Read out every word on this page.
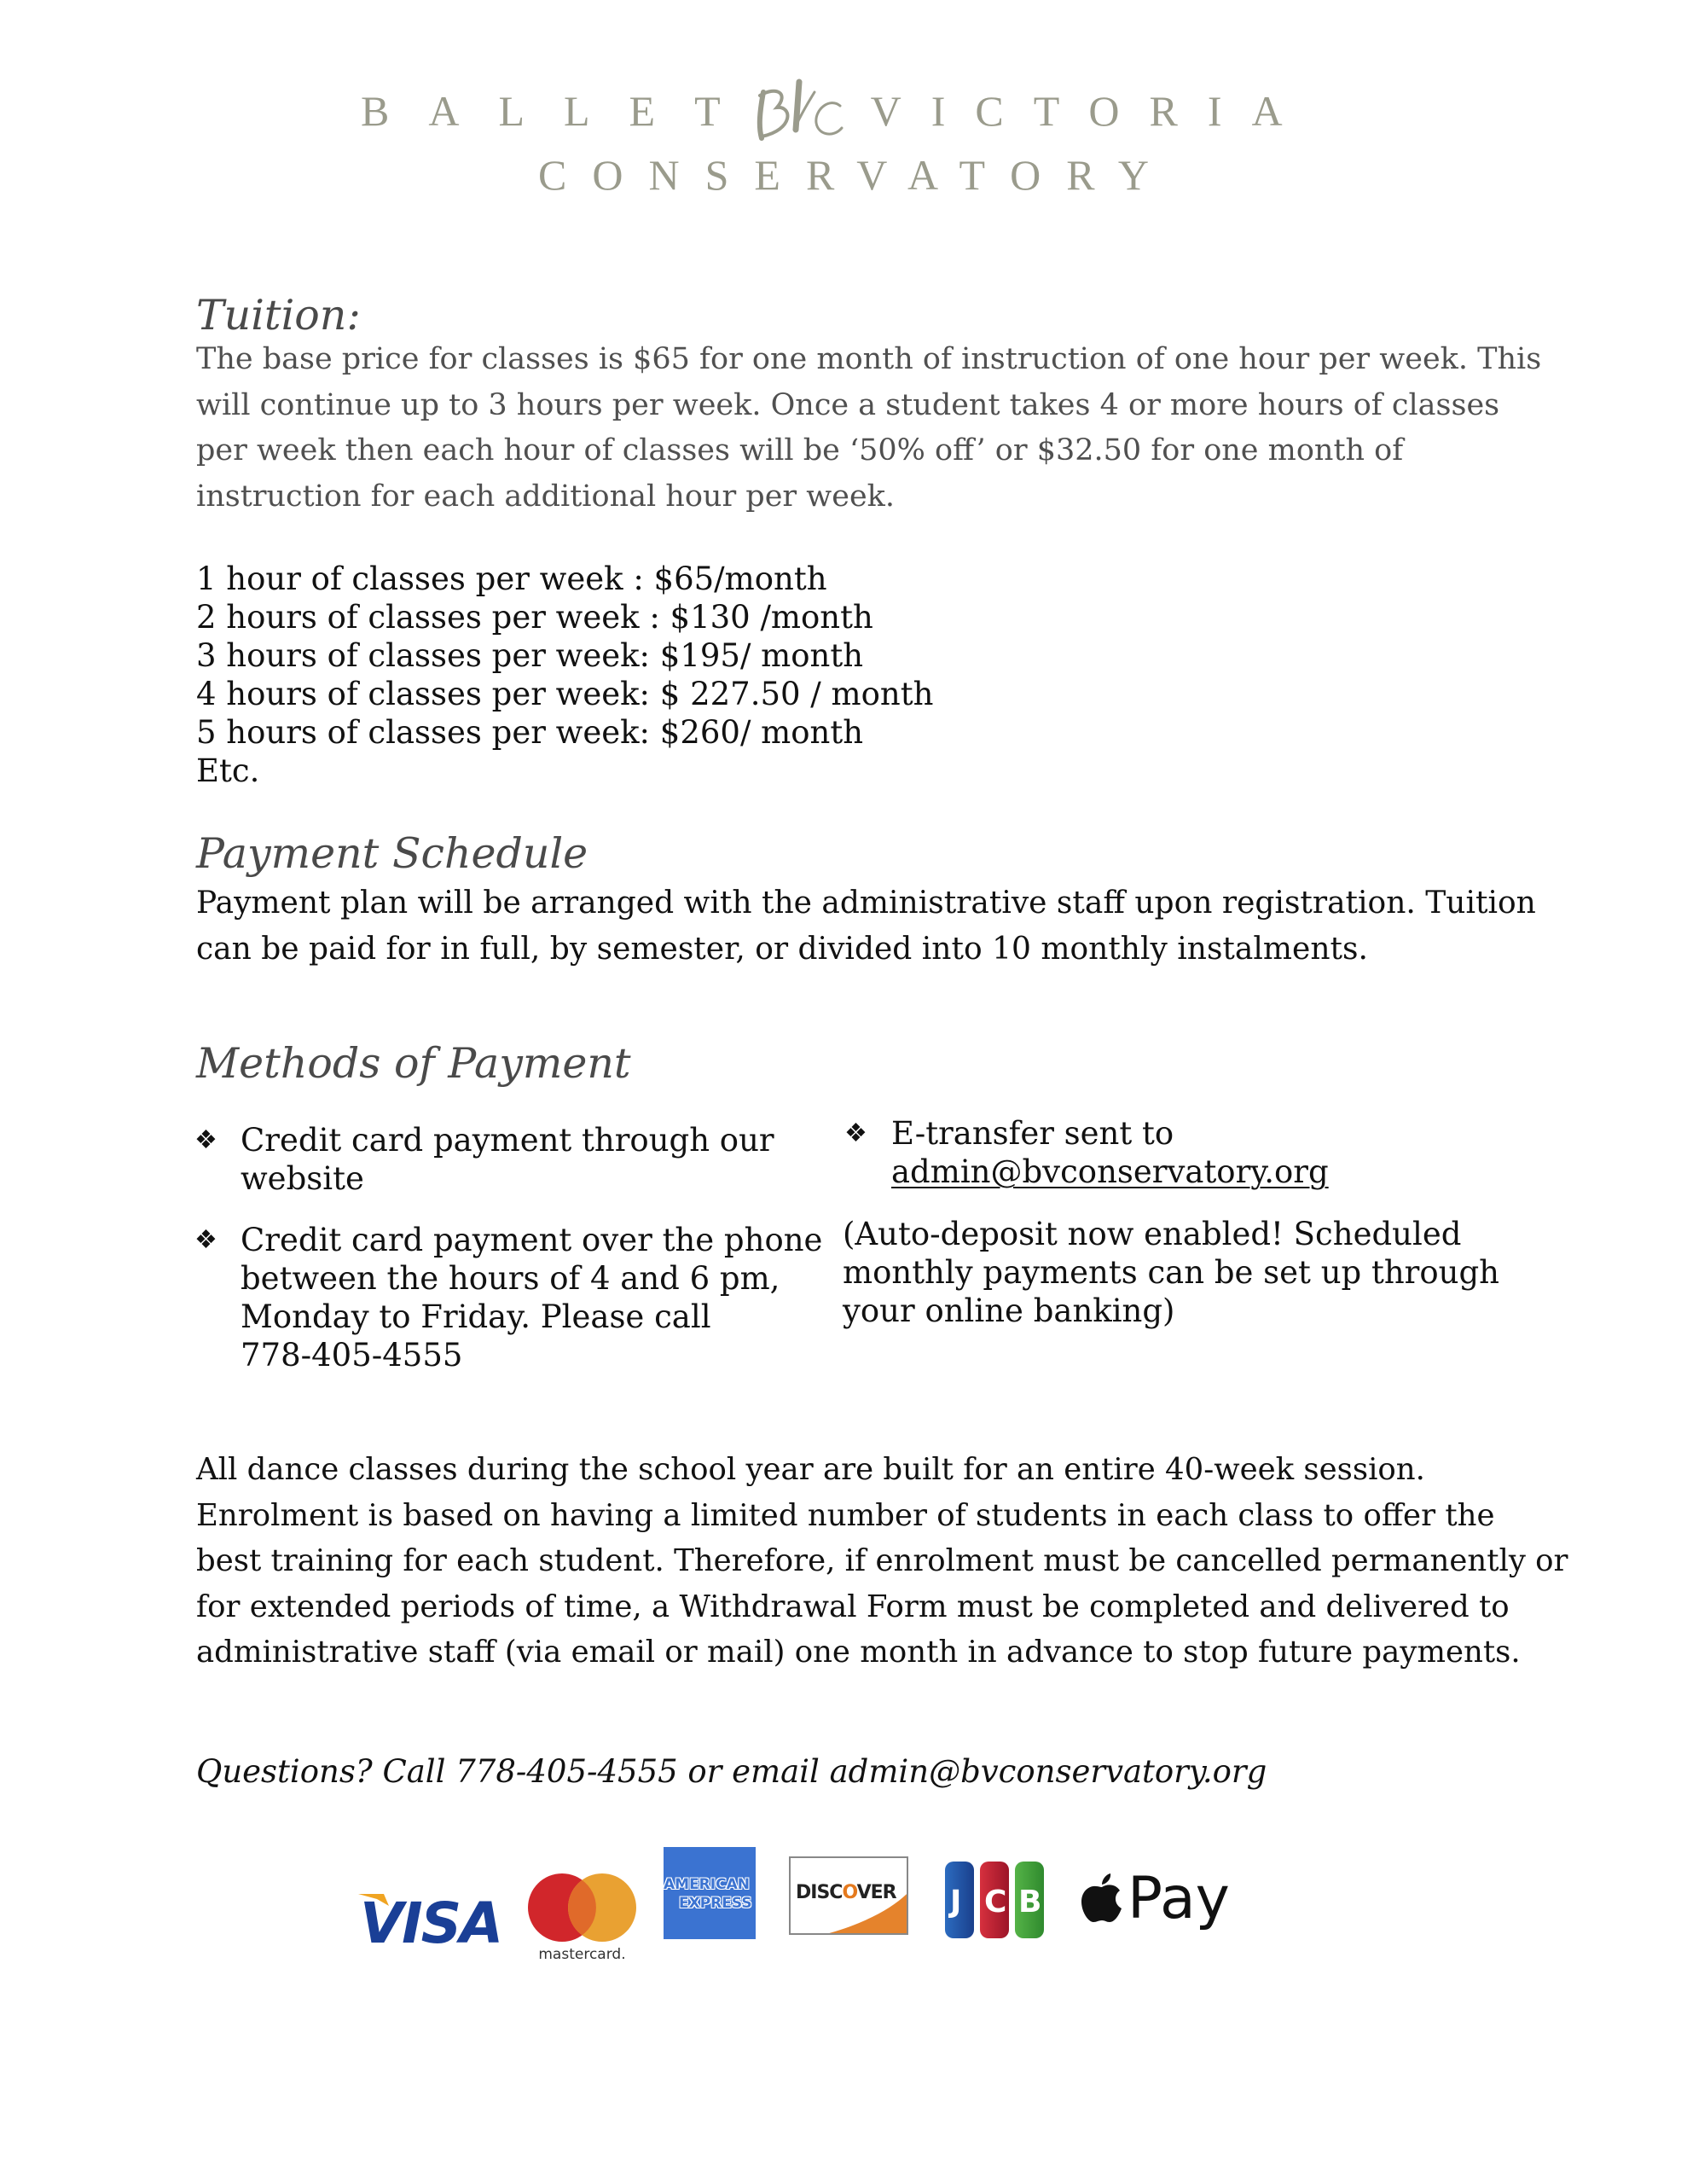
BALLET	VICTORIA
CONSERVATORY
Tuition:
The base price for classes is $65 for one month of instruction of one hour per week. This
will continue up to 3 hours per week. Once a student takes 4 or more hours of classes
per week then each hour of classes will be ‘50% off’ or $32.50 for one month of
instruction for each additional hour per week.
1 hour of classes per week : $65/month
2 hours of classes per week : $130 /month
3 hours of classes per week: $195/ month
4 hours of classes per week: $ 227.50 / month
5 hours of classes per week: $260/ month
Etc.
Payment Schedule
Payment plan will be arranged with the administrative staff upon registration. Tuition
can be paid for in full, by semester, or divided into 10 monthly instalments.
Methods of Payment
❖ Credit card payment through our
website
❖ Credit card payment over the phone
between the hours of 4 and 6 pm,
Monday to Friday. Please call
778-405-4555
❖ E-transfer sent to
admin@bvconservatory.org
(Auto-deposit now enabled! Scheduled
monthly payments can be set up through
your online banking)
All dance classes during the school year are built for an entire 40-week session.
Enrolment is based on having a limited number of students in each class to offer the
best training for each student. Therefore, if enrolment must be cancelled permanently or
for extended periods of time, a Withdrawal Form must be completed and delivered to
administrative staff (via email or mail) one month in advance to stop future payments.
Questions? Call 778-405-4555 or email admin@bvconservatory.org
VISA	mastercard.
AMERICAN
EXPRESS DISCOVER J C B Pay
